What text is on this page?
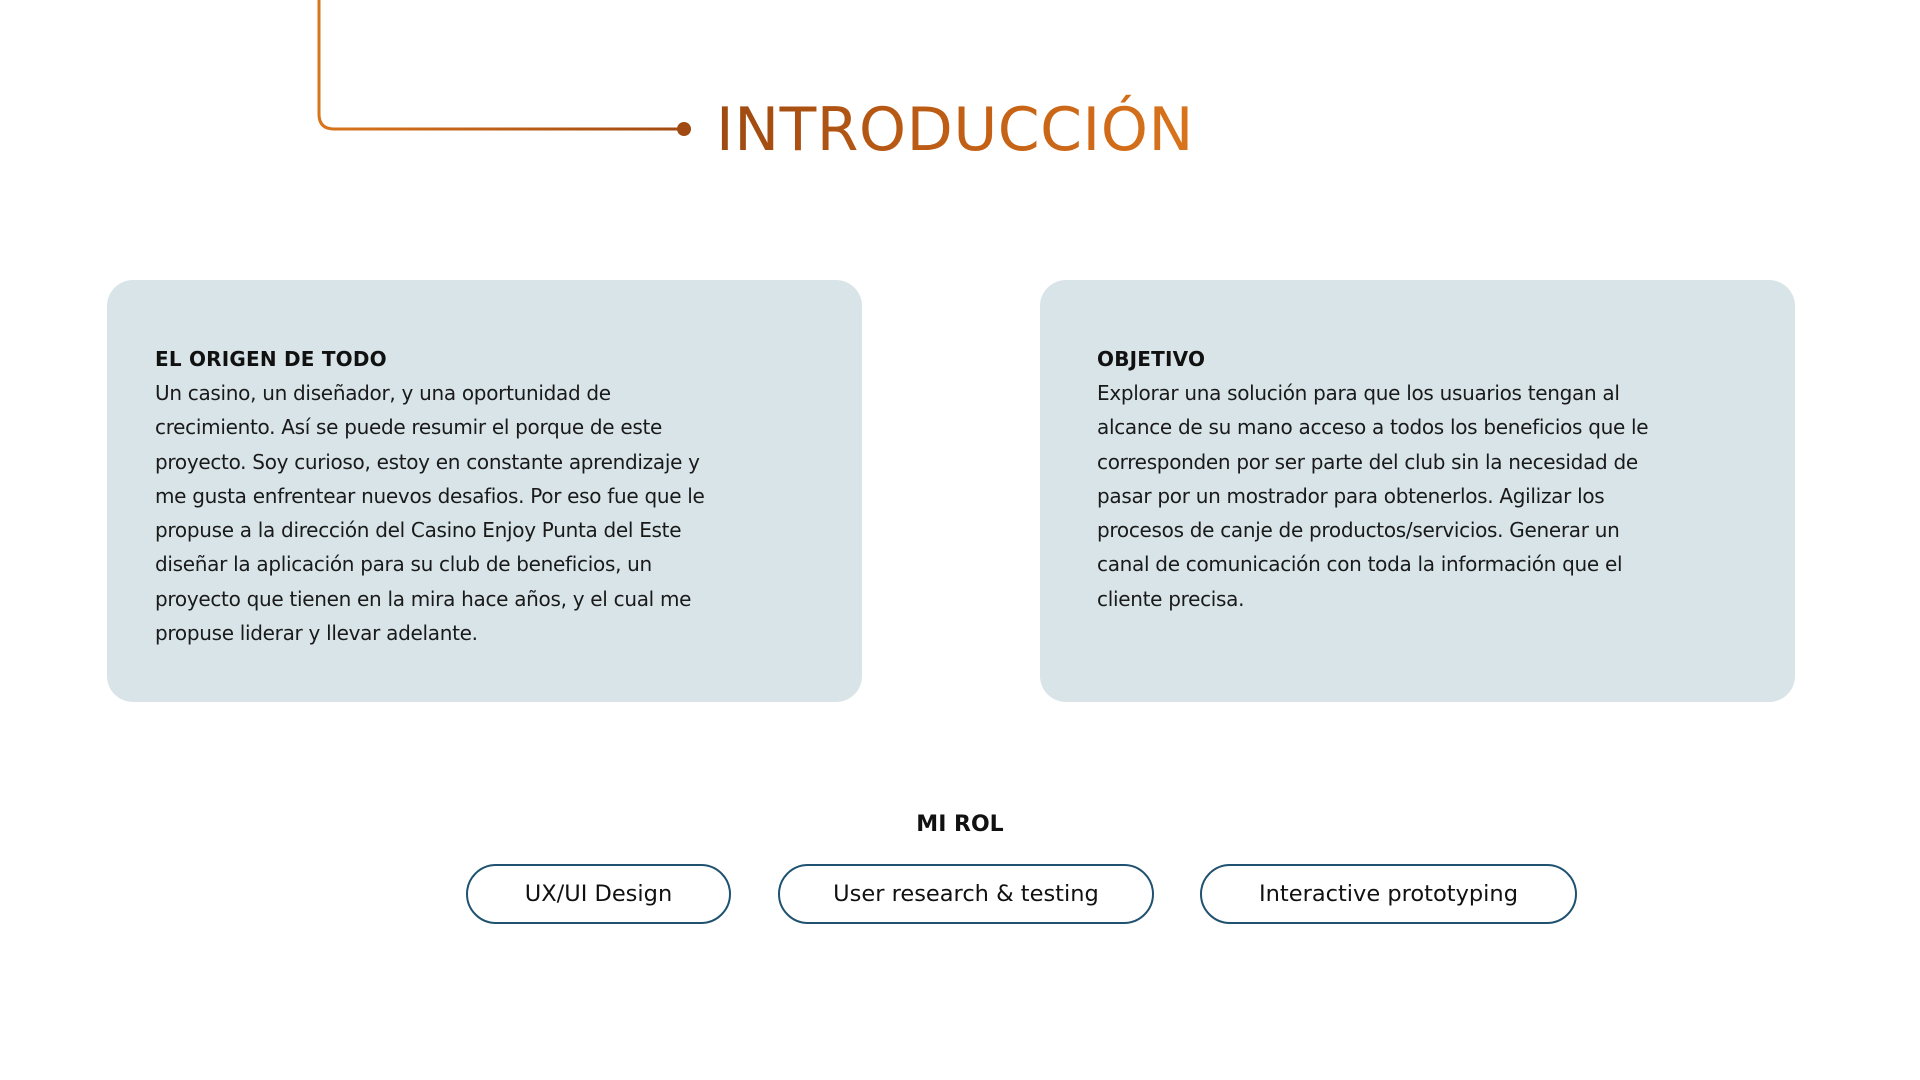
INTRODUCCIÓN
EL ORIGEN DE TODO

Un casino, un diseñador, y una oportunidad de
crecimiento. Así se puede resumir el porque de este
proyecto. Soy curioso, estoy en constante aprendizaje y
me gusta enfrentear nuevos desafios. Por eso fue que le
propuse a la dirección del Casino Enjoy Punta del Este
diseñar la aplicación para su club de beneficios, un
proyecto que tienen en la mira hace años, y el cual me
propuse liderar y llevar adelante.

OBJETIVO

Explorar una solución para que los usuarios tengan al
alcance de su mano acceso a todos los beneficios que le
corresponden por ser parte del club sin la necesidad de
pasar por un mostrador para obtenerlos. Agilizar los
procesos de canje de productos/servicios. Generar un
canal de comunicación con toda la información que el
cliente precisa.

MI ROL
UX/UI Design	User research & testing	Interactive prototyping
